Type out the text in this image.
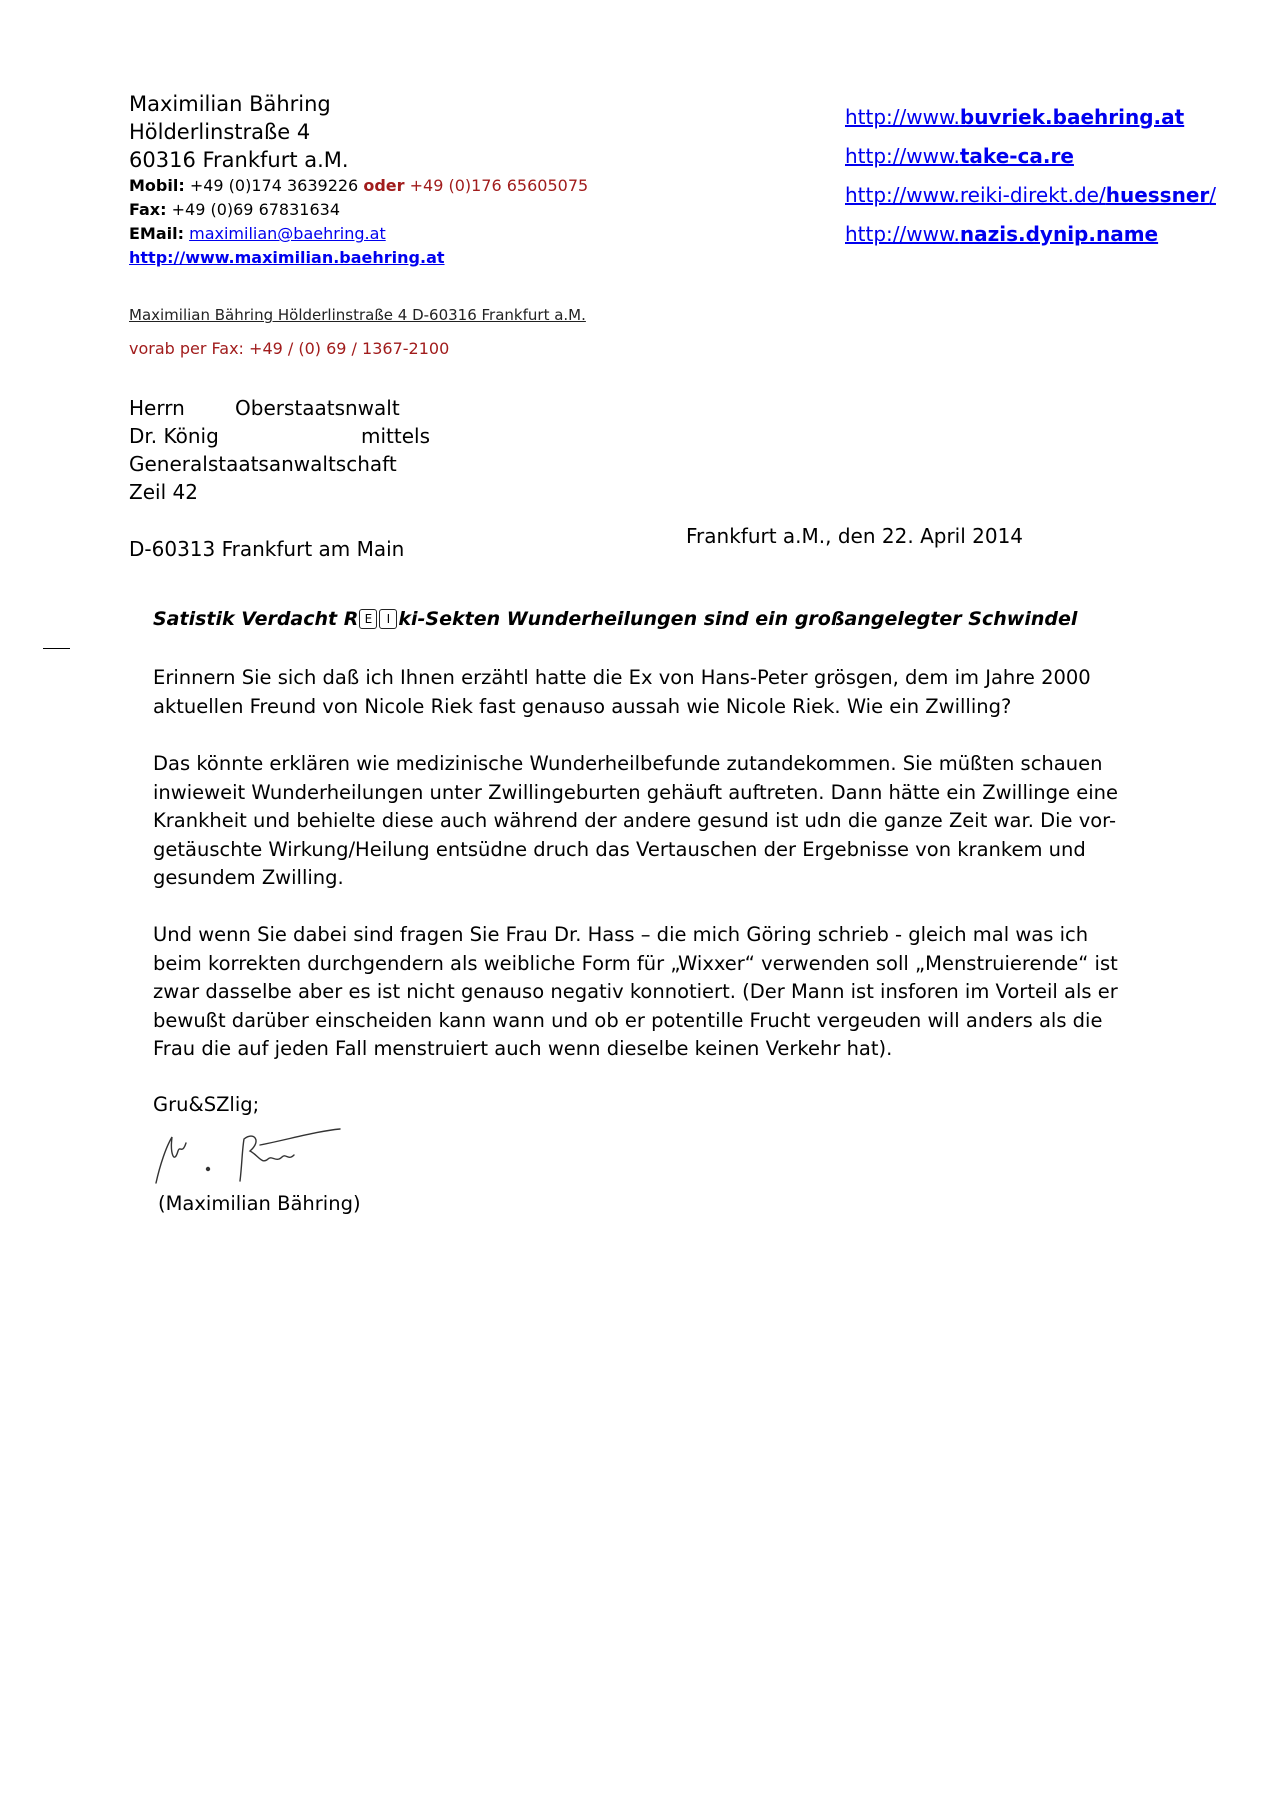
Maximilian Bähring
Hölderlinstraße 4
60316 Frankfurt a.M.
Mobil: +49 (0)174 3639226 oder +49 (0)176 65605075
Fax: +49 (0)69 67831634
EMail: maximilian@baehring.at
http://www.maximilian.baehring.at
http://www.buvriek.baehring.at
http://www.take-ca.re
http://www.reiki-direkt.de/huessner/
http://www.nazis.dynip.name
Maximilian Bähring Hölderlinstraße 4 D-60316 Frankfurt a.M.
vorab per Fax: +49 / (0) 69 / 1367-2100
Herrn	Oberstaatsnwalt
Dr. König	mittels
Generalstaatsanwaltschaft
Zeil 42
D-60313 Frankfurt am Main
Frankfurt a.M., den 22. April 2014
Satistik Verdacht R E	I ki-Sekten Wunderheilungen sind ein großangelegter Schwindel
Erinnern Sie sich daß ich Ihnen erzähtl hatte die Ex von Hans-Peter grösgen, dem im Jahre 2000
aktuellen Freund von Nicole Riek fast genauso aussah wie Nicole Riek. Wie ein Zwilling?
Das könnte erklären wie medizinische Wunderheilbefunde zutandekommen. Sie müßten schauen
inwieweit Wunderheilungen unter Zwillingeburten gehäuft auftreten. Dann hätte ein Zwillinge eine
Krankheit und behielte diese auch während der andere gesund ist udn die ganze Zeit war. Die vor-
getäuschte Wirkung/Heilung entsüdne druch das Vertauschen der Ergebnisse von krankem und
gesundem Zwilling.
Und wenn Sie dabei sind fragen Sie Frau Dr. Hass – die mich Göring schrieb - gleich mal was ich
beim korrekten durchgendern als weibliche Form für „Wixxer“ verwenden soll „Menstruierende“ ist
zwar dasselbe aber es ist nicht genauso negativ konnotiert. (Der Mann ist insforen im Vorteil als er
bewußt darüber einscheiden kann wann und ob er potentille Frucht vergeuden will anders als die
Frau die auf jeden Fall menstruiert auch wenn dieselbe keinen Verkehr hat).
Gru&SZlig;
(Maximilian Bähring)
